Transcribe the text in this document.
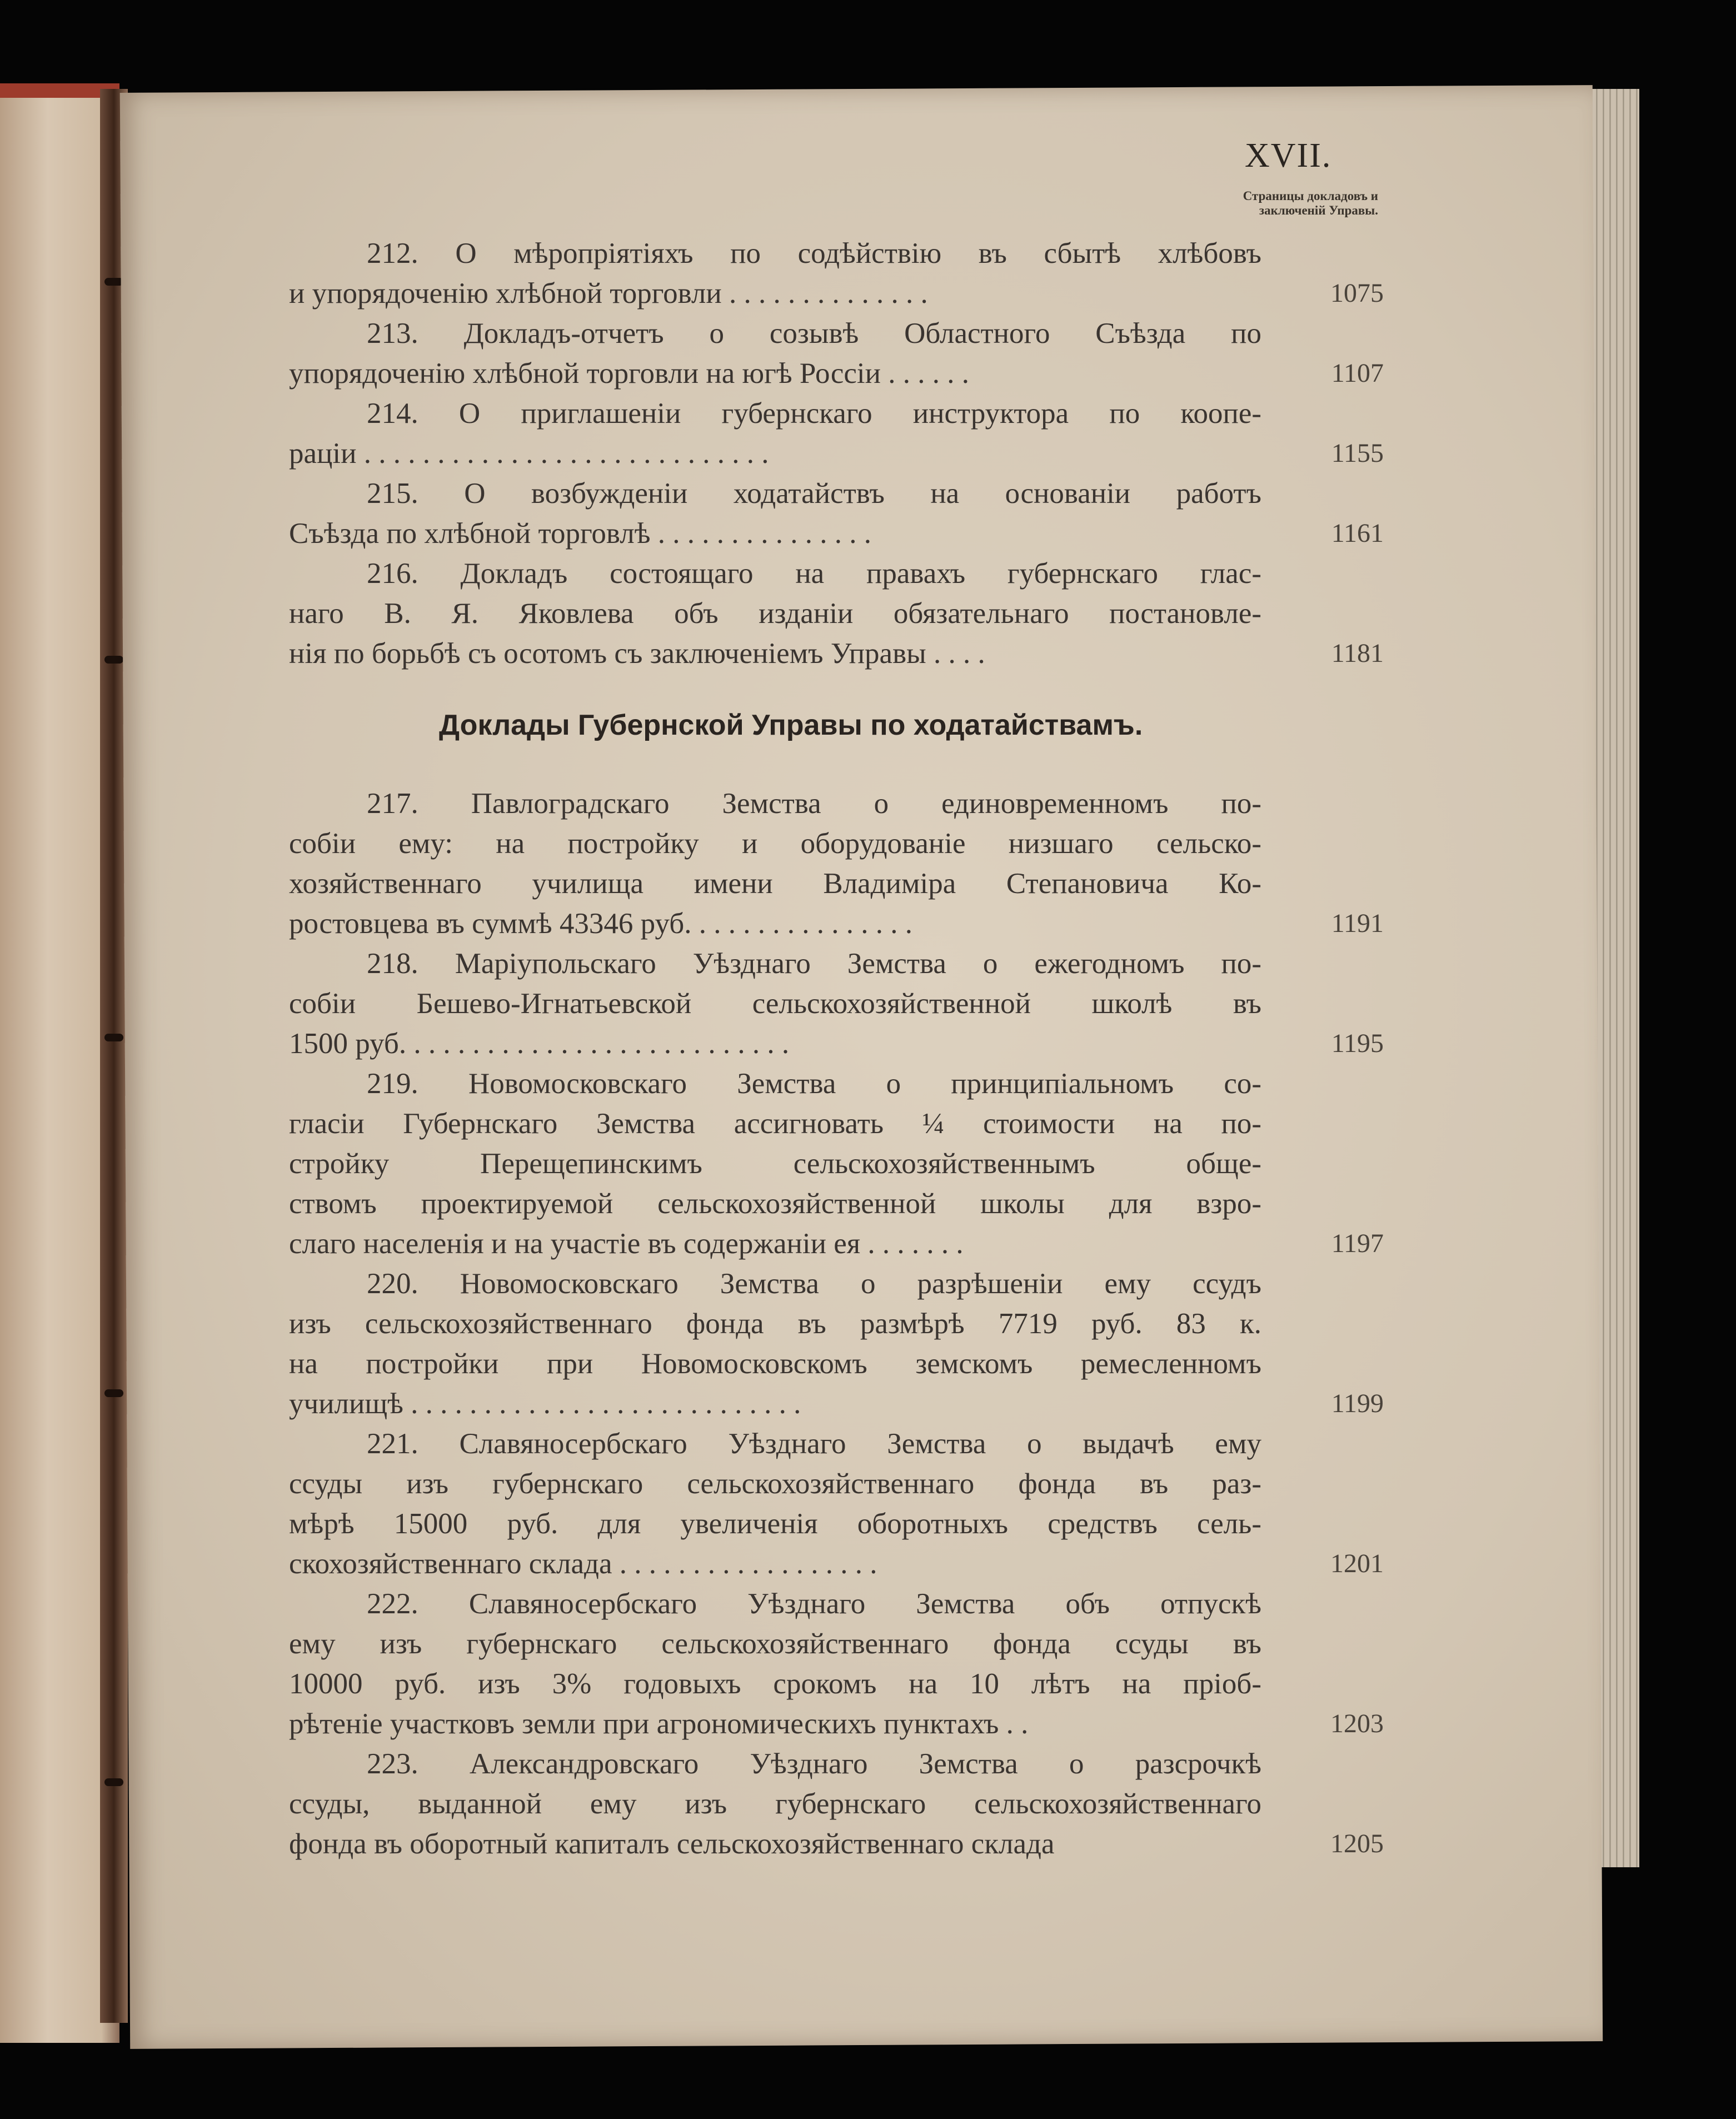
XVII.
Страницы докладовъ и
заключеній Управы.
212. О мѣропріятіяхъ по содѣйствію въ сбытѣ хлѣбовъ
и упорядоченію хлѣбной торговли . . . . . . . . . . . . . .	1075
213. Докладъ-отчетъ о созывѣ Областного Съѣзда по
упорядоченію хлѣбной торговли на югѣ Россіи . . . . . .	1107
214. О приглашеніи губернскаго инструктора по коопе-
раціи . . . . . . . . . . . . . . . . . . . . . . . . . . . .	1155
215. О возбужденіи ходатайствъ на основаніи работъ
Съѣзда по хлѣбной торговлѣ . . . . . . . . . . . . . . .	1161
216. Докладъ состоящаго на правахъ губернскаго глас-
наго В. Я. Яковлева объ изданіи обязательнаго постановле-
нія по борьбѣ съ осотомъ съ заключеніемъ Управы . . . .	1181
Доклады Губернской Управы по ходатайствамъ.
217. Павлоградскаго Земства о единовременномъ по-
собіи ему: на постройку и оборудованіе низшаго сельско-
хозяйственнаго училища имени Владиміра Степановича Ко-
ростовцева въ суммѣ 43346 руб. . . . . . . . . . . . . . . .	1191
218. Маріупольскаго Уѣзднаго Земства о ежегодномъ по-
собіи Бешево-Игнатьевской сельскохозяйственной школѣ въ
1500 руб. . . . . . . . . . . . . . . . . . . . . . . . . . .	1195
219. Новомосковскаго Земства о принципіальномъ со-
гласіи Губернскаго Земства ассигновать ¼ стоимости на по-
стройку Перещепинскимъ сельскохозяйственнымъ обще-
ствомъ проектируемой сельскохозяйственной школы для взро-
слаго населенія и на участіе въ содержаніи ея . . . . . . .	1197
220. Новомосковскаго Земства о разрѣшеніи ему ссудъ
изъ сельскохозяйственнаго фонда въ размѣрѣ 7719 руб. 83 к.
на постройки при Новомосковскомъ земскомъ ремесленномъ
училищѣ . . . . . . . . . . . . . . . . . . . . . . . . . . .	1199
221. Славяносербскаго Уѣзднаго Земства о выдачѣ ему
ссуды изъ губернскаго сельскохозяйственнаго фонда въ раз-
мѣрѣ 15000 руб. для увеличенія оборотныхъ средствъ сель-
скохозяйственнаго склада . . . . . . . . . . . . . . . . . .	1201
222. Славяносербскаго Уѣзднаго Земства объ отпускѣ
ему изъ губернскаго сельскохозяйственнаго фонда ссуды въ
10000 руб. изъ 3% годовыхъ срокомъ на 10 лѣтъ на пріоб-
рѣтеніе участковъ земли при агрономическихъ пунктахъ . .	1203
223. Александровскаго Уѣзднаго Земства о разсрочкѣ
ссуды, выданной ему изъ губернскаго сельскохозяйственнаго
фонда въ оборотный капиталъ сельскохозяйственнаго склада	1205
